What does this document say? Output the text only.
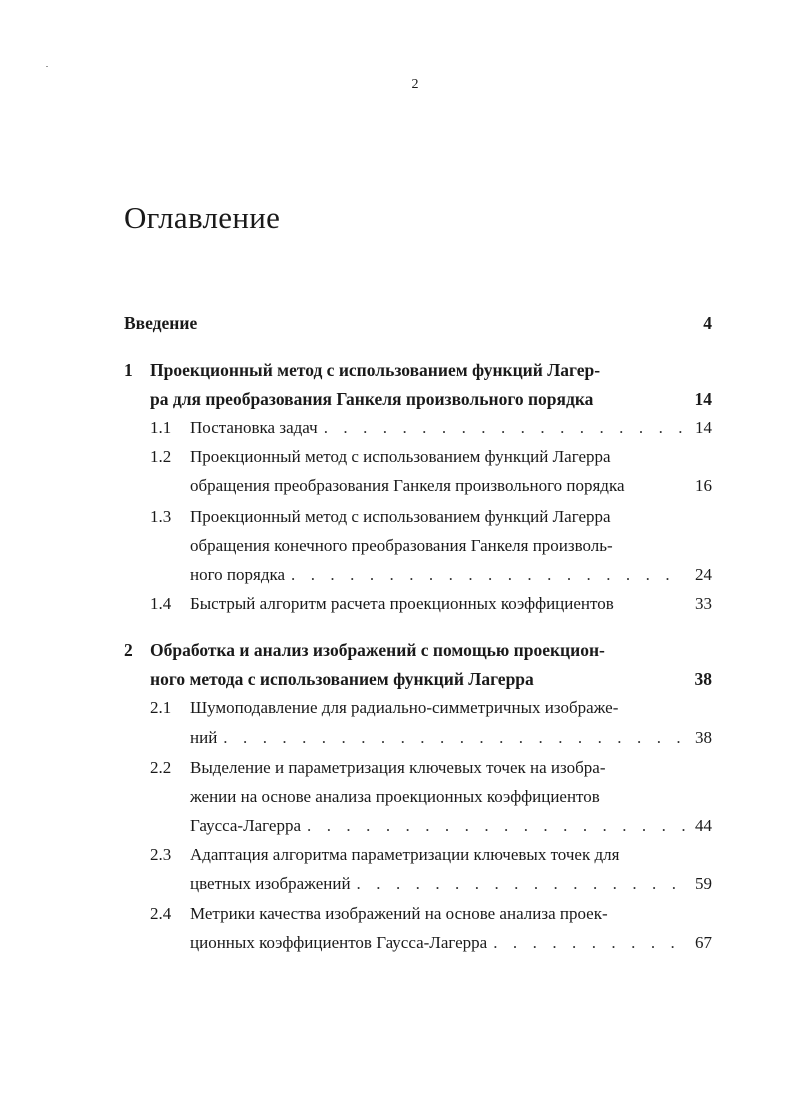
2
Оглавление
Введение	4
1 Проекционный метод с использованием функций Лагер-
ра для преобразования Ганкеля произвольного порядка	14
1.1	Постановка задач . . .	14
1.2	Проекционный метод с использованием функций Лагерра
обращения преобразования Ганкеля произвольного порядка	16
1.3	Проекционный метод с использованием функций Лагерра
обращения конечного преобразования Ганкеля произволь-
ного порядка . . .	24
1.4	Быстрый алгоритм расчета проекционных коэффициентов	33
2 Обработка и анализ изображений с помощью проекцион-
ного метода с использованием функций Лагерра	38
2.1	Шумоподавление для радиально-симметричных изображе-
ний . . .	38
2.2	Выделение и параметризация ключевых точек на изобра-
жении на основе анализа проекционных коэффициентов
Гаусса-Лагерра . . .	44
2.3	Адаптация алгоритма параметризации ключевых точек для
цветных изображений . . .	59
2.4	Метрики качества изображений на основе анализа проек-
ционных коэффициентов Гаусса-Лагерра . . .	67
